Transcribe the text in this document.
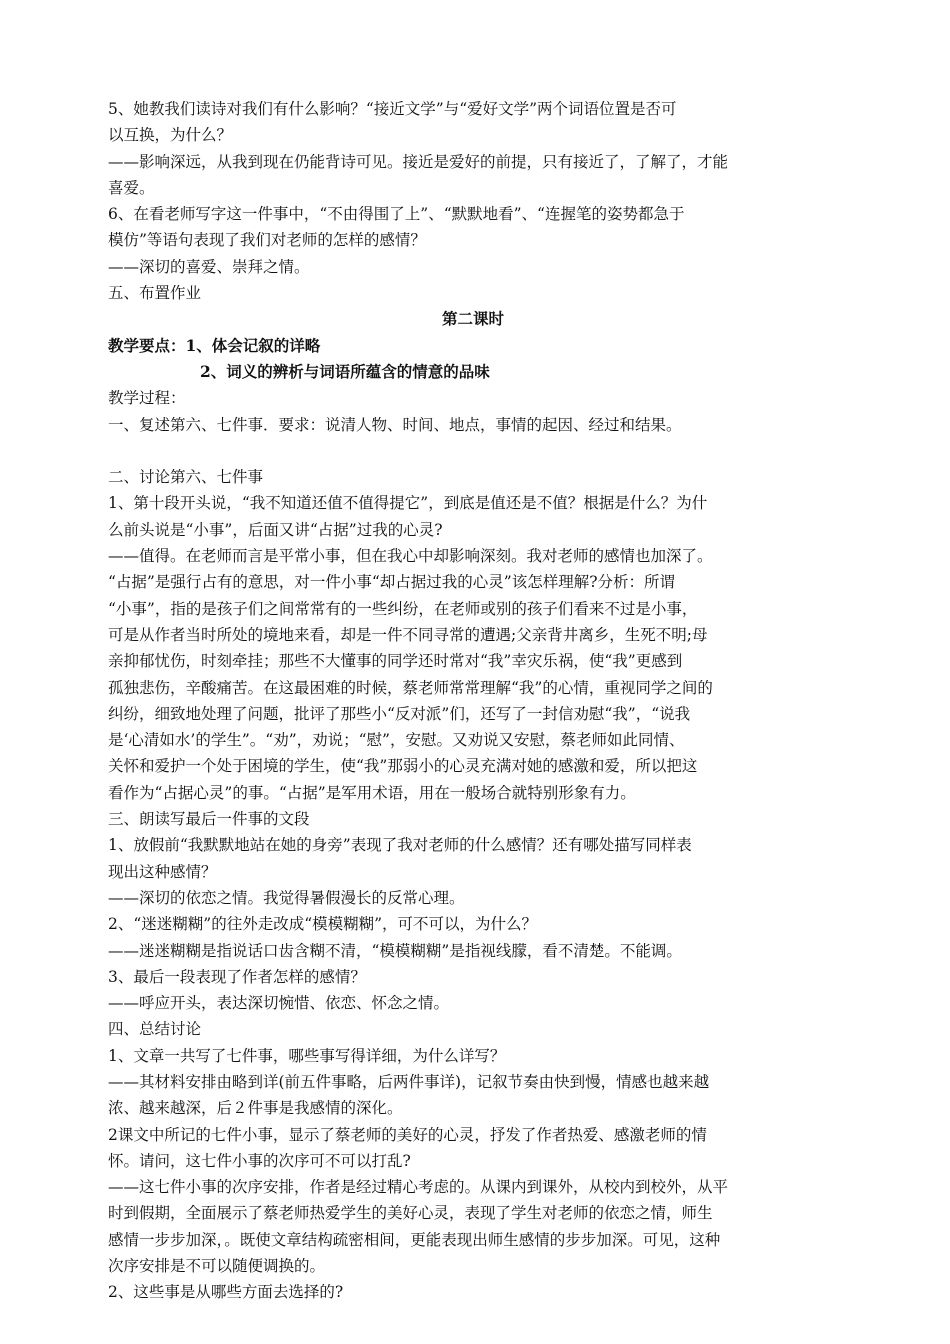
5、她教我们读诗对我们有什么影响？“接近文学”与“爱好文学”两个词语位置是否可
以互换，为什么？
——影响深远，从我到现在仍能背诗可见。接近是爱好的前提，只有接近了，了解了，才能
喜爱。
6、在看老师写字这一件事中，“不由得围了上”、“默默地看”、“连握笔的姿势都急于
模仿”等语句表现了我们对老师的怎样的感情？
——深切的喜爱、崇拜之情。
五、布置作业
第二课时
教学要点：1、体会记叙的详略
2、词义的辨析与词语所蕴含的情意的品味
教学过程：
一、复述第六、七件事．要求：说清人物、时间、地点，事情的起因、经过和结果。
二、讨论第六、七件事
1、第十段开头说，“我不知道还值不值得提它”，到底是值还是不值？根据是什么？为什
么前头说是“小事”，后面又讲“占据”过我的心灵?
——值得。在老师而言是平常小事，但在我心中却影响深刻。我对老师的感情也加深了。
“占据”是强行占有的意思，对一件小事“却占据过我的心灵”该怎样理解?分析：所谓
“小事”，指的是孩子们之间常常有的一些纠纷，在老师或别的孩子们看来不过是小事，
可是从作者当时所处的境地来看，却是一件不同寻常的遭遇;父亲背井离乡，生死不明;母
亲抑郁忧伤，时刻牵挂；那些不大懂事的同学还时常对“我”幸灾乐祸，使“我”更感到
孤独悲伤，辛酸痛苦。在这最困难的时候，蔡老师常常理解“我”的心情，重视同学之间的
纠纷，细致地处理了问题，批评了那些小“反对派”们，还写了一封信劝慰“我”，“说我
是‘心清如水’的学生”。“劝”，劝说；“慰”，安慰。又劝说又安慰，蔡老师如此同情、
关怀和爱护一个处于困境的学生，使“我”那弱小的心灵充满对她的感激和爱，所以把这
看作为“占据心灵”的事。“占据”是军用术语，用在一般场合就特别形象有力。
三、朗读写最后一件事的文段
1、放假前“我默默地站在她的身旁”表现了我对老师的什么感情？还有哪处描写同样表
现出这种感情？
——深切的依恋之情。我觉得暑假漫长的反常心理。
2、“迷迷糊糊”的往外走改成“模模糊糊”，可不可以，为什么？
——迷迷糊糊是指说话口齿含糊不清，“模模糊糊”是指视线朦，看不清楚。不能调。
3、最后一段表现了作者怎样的感情？
——呼应开头，表达深切惋惜、依恋、怀念之情。
四、总结讨论
1、文章一共写了七件事，哪些事写得详细，为什么详写？
——其材料安排由略到详(前五件事略，后两件事详)，记叙节奏由快到慢，情感也越来越
浓、越来越深，后２件事是我感情的深化。
2课文中所记的七件小事，显示了蔡老师的美好的心灵，抒发了作者热爱、感激老师的情
怀。请问，这七件小事的次序可不可以打乱?
——这七件小事的次序安排，作者是经过精心考虑的。从课内到课外，从校内到校外，从平
时到假期，全面展示了蔡老师热爱学生的美好心灵，表现了学生对老师的依恋之情，师生
感情一步步加深，。既使文章结构疏密相间，更能表现出师生感情的步步加深。可见，这种
次序安排是不可以随便调换的。
2、这些事是从哪些方面去选择的?
